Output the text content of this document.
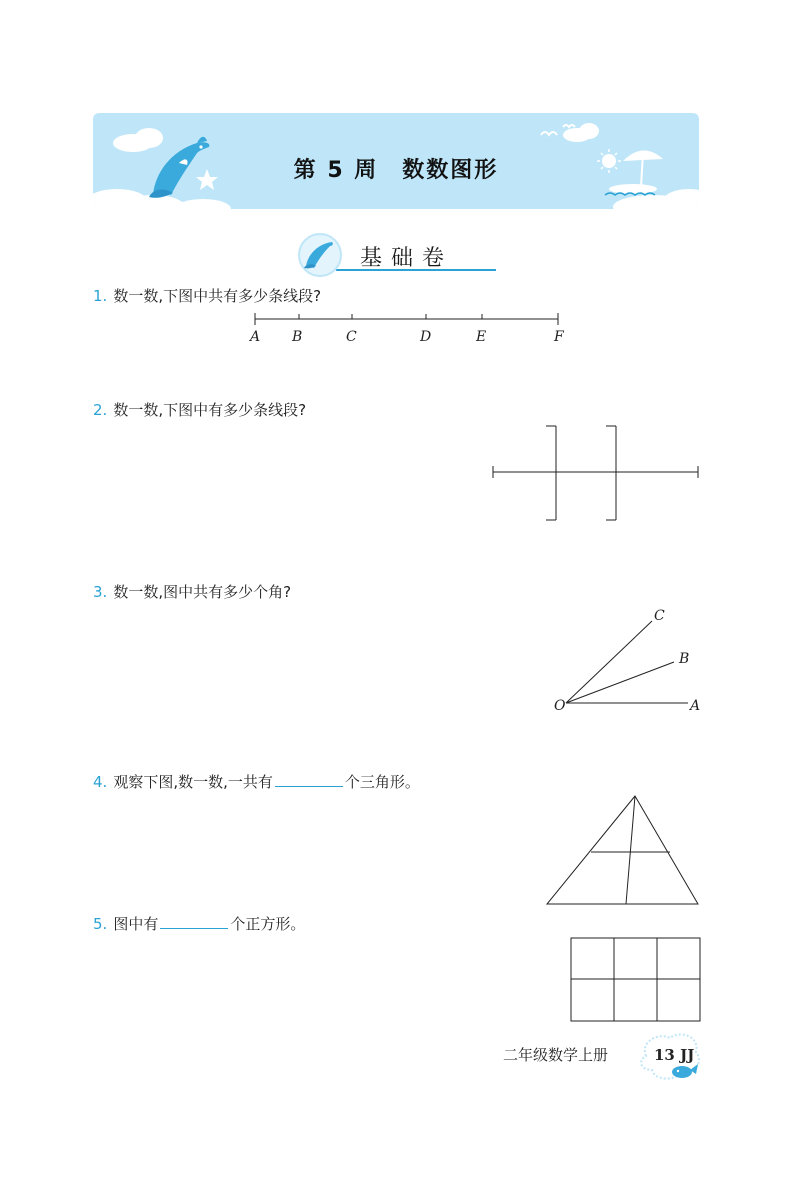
第 5 周　数数图形
基础卷
1. 数一数,下图中共有多少条线段?
A B	C	D	E	F
2. 数一数,下图中有多少条线段?
3. 数一数,图中共有多少个角?
O	A
B
C
4. 观察下图,数一数,一共有	个三角形。
5. 图中有	个正方形。
二年级数学上册	13 JJ
